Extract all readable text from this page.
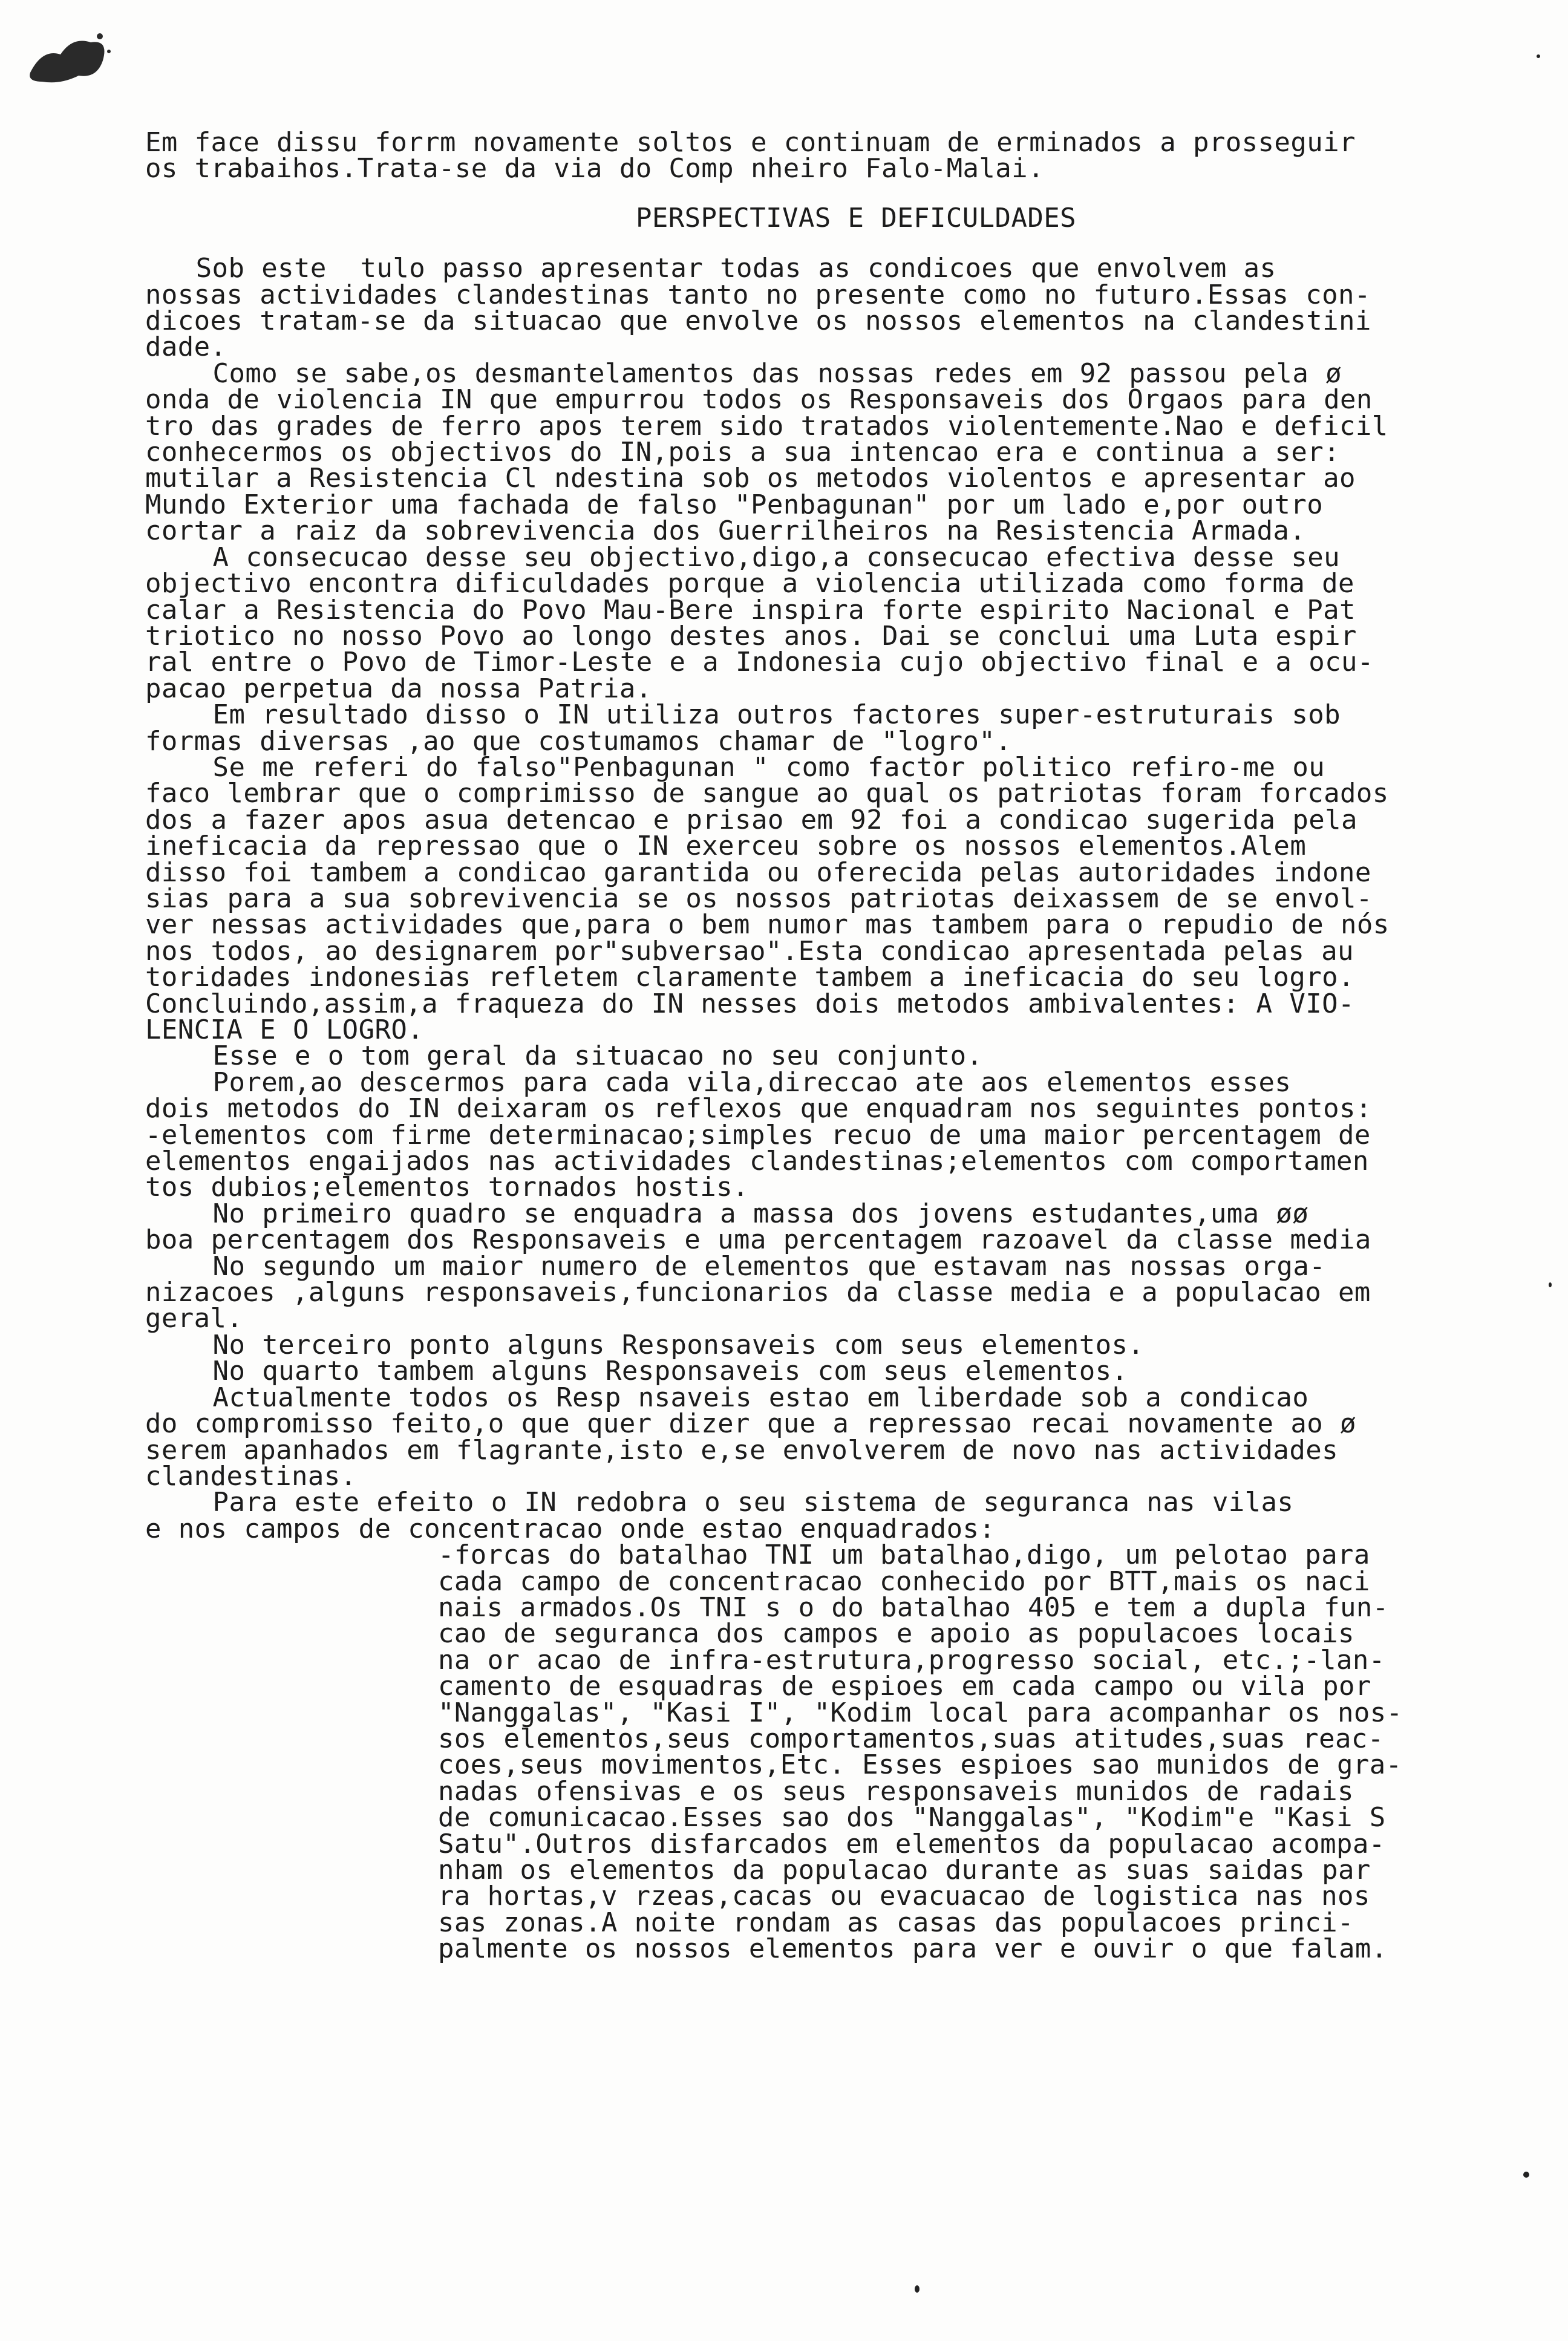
Em face dissu forrm novamente soltos e continuam de erminados a prosseguir
os trabaihos.Trata-se da via do Comp nheiro Falo-Malai.
PERSPECTIVAS E DEFICULDADES
Sob este  tulo passo apresentar todas as condicoes que envolvem as
nossas actividades clandestinas tanto no presente como no futuro.Essas con-
dicoes tratam-se da situacao que envolve os nossos elementos na clandestini
dade.
Como se sabe,os desmantelamentos das nossas redes em 92 passou pela ø
onda de violencia IN que empurrou todos os Responsaveis dos Orgaos para den
tro das grades de ferro apos terem sido tratados violentemente.Nao e deficil
conhecermos os objectivos do IN,pois a sua intencao era e continua a ser:
mutilar a Resistencia Cl ndestina sob os metodos violentos e apresentar ao
Mundo Exterior uma fachada de falso "Penbagunan" por um lado e,por outro
cortar a raiz da sobrevivencia dos Guerrilheiros na Resistencia Armada.
A consecucao desse seu objectivo,digo,a consecucao efectiva desse seu
objectivo encontra dificuldades porque a violencia utilizada como forma de
calar a Resistencia do Povo Mau-Bere inspira forte espirito Nacional e Pat
triotico no nosso Povo ao longo destes anos. Dai se conclui uma Luta espir
ral entre o Povo de Timor-Leste e a Indonesia cujo objectivo final e a ocu-
pacao perpetua da nossa Patria.
Em resultado disso o IN utiliza outros factores super-estruturais sob
formas diversas ,ao que costumamos chamar de "logro".
Se me referi do falso"Penbagunan " como factor politico refiro-me ou
faco lembrar que o comprimisso de sangue ao qual os patriotas foram forcados
dos a fazer apos asua detencao e prisao em 92 foi a condicao sugerida pela
ineficacia da repressao que o IN exerceu sobre os nossos elementos.Alem
disso foi tambem a condicao garantida ou oferecida pelas autoridades indone
sias para a sua sobrevivencia se os nossos patriotas deixassem de se envol-
ver nessas actividades que,para o bem numor mas tambem para o repudio de nós
nos todos, ao designarem por"subversao".Esta condicao apresentada pelas au
toridades indonesias refletem claramente tambem a ineficacia do seu logro.
Concluindo,assim,a fraqueza do IN nesses dois metodos ambivalentes: A VIO-
LENCIA E O LOGRO.
Esse e o tom geral da situacao no seu conjunto.
Porem,ao descermos para cada vila,direccao ate aos elementos esses
dois metodos do IN deixaram os reflexos que enquadram nos seguintes pontos:
-elementos com firme determinacao;simples recuo de uma maior percentagem de
elementos engaijados nas actividades clandestinas;elementos com comportamen
tos dubios;elementos tornados hostis.
No primeiro quadro se enquadra a massa dos jovens estudantes,uma øø
boa percentagem dos Responsaveis e uma percentagem razoavel da classe media
No segundo um maior numero de elementos que estavam nas nossas orga-
nizacoes ,alguns responsaveis,funcionarios da classe media e a populacao em
geral.
No terceiro ponto alguns Responsaveis com seus elementos.
No quarto tambem alguns Responsaveis com seus elementos.
Actualmente todos os Resp nsaveis estao em liberdade sob a condicao
do compromisso feito,o que quer dizer que a repressao recai novamente ao ø
serem apanhados em flagrante,isto e,se envolverem de novo nas actividades
clandestinas.
Para este efeito o IN redobra o seu sistema de seguranca nas vilas
e nos campos de concentracao onde estao enquadrados:
-forcas do batalhao TNI um batalhao,digo, um pelotao para
cada campo de concentracao conhecido por BTT,mais os naci
nais armados.Os TNI s o do batalhao 405 e tem a dupla fun-
cao de seguranca dos campos e apoio as populacoes locais
na or acao de infra-estrutura,progresso social, etc.;-lan-
camento de esquadras de espioes em cada campo ou vila por
"Nanggalas", "Kasi I", "Kodim local para acompanhar os nos-
sos elementos,seus comportamentos,suas atitudes,suas reac-
coes,seus movimentos,Etc. Esses espioes sao munidos de gra-
nadas ofensivas e os seus responsaveis munidos de radais
de comunicacao.Esses sao dos "Nanggalas", "Kodim"e "Kasi S
Satu".Outros disfarcados em elementos da populacao acompa-
nham os elementos da populacao durante as suas saidas par
ra hortas,v rzeas,cacas ou evacuacao de logistica nas nos
sas zonas.A noite rondam as casas das populacoes princi-
palmente os nossos elementos para ver e ouvir o que falam.
